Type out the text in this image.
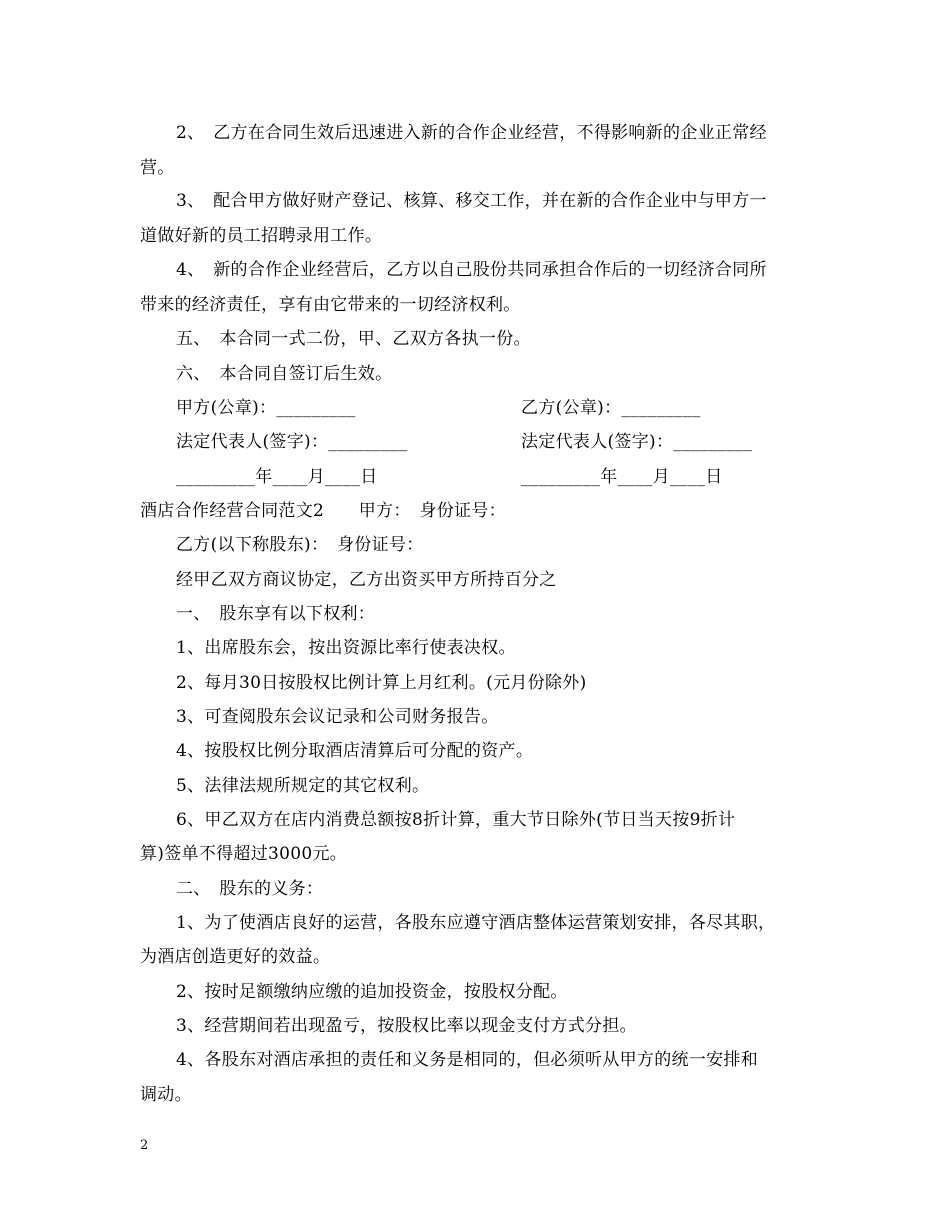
2、　乙方在合同生效后迅速进入新的合作企业经营，不得影响新的企业正常经
营。
3、　配合甲方做好财产登记、核算、移交工作，并在新的合作企业中与甲方一
道做好新的员工招聘录用工作。
4、　新的合作企业经营后，乙方以自己股份共同承担合作后的一切经济合同所
带来的经济责任，享有由它带来的一切经济权利。
五、　本合同一式二份，甲、乙双方各执一份。
六、　本合同自签订后生效。
甲方(公章)：_________	乙方(公章)：_________
法定代表人(签字)：_________	法定代表人(签字)：_________
_________年____月____日	_________年____月____日
酒店合作经营合同范文2　　甲方：　身份证号：
乙方(以下称股东)：　身份证号：
经甲乙双方商议协定，乙方出资买甲方所持百分之
一、　股东享有以下权利：
1、出席股东会，按出资源比率行使表决权。
2、每月30日按股权比例计算上月红利。(元月份除外)
3、可查阅股东会议记录和公司财务报告。
4、按股权比例分取酒店清算后可分配的资产。
5、法律法规所规定的其它权利。
6、甲乙双方在店内消费总额按8折计算，重大节日除外(节日当天按9折计
算)签单不得超过3000元。
二、　股东的义务：
1、为了使酒店良好的运营，各股东应遵守酒店整体运营策划安排，各尽其职，
为酒店创造更好的效益。
2、按时足额缴纳应缴的追加投资金，按股权分配。
3、经营期间若出现盈亏，按股权比率以现金支付方式分担。
4、各股东对酒店承担的责任和义务是相同的，但必须听从甲方的统一安排和
调动。
2
